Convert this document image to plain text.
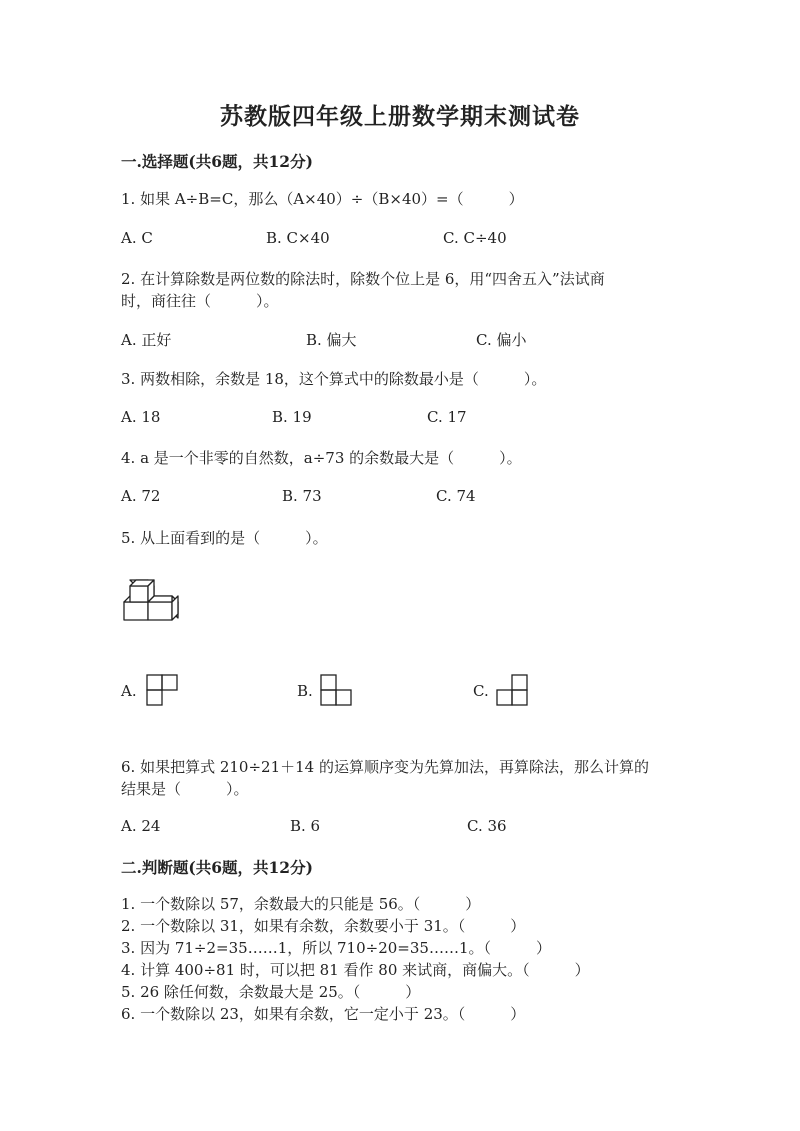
苏教版四年级上册数学期末测试卷
一.选择题(共6题，共12分)
1. 如果 A÷B=C，那么（A×40）÷（B×40）=（　　　）
A. C	B. C×40	C. C÷40
2. 在计算除数是两位数的除法时，除数个位上是 6，用“四舍五入”法试商
时，商往往（　　　）。
A. 正好	B. 偏大	C. 偏小
3. 两数相除，余数是 18，这个算式中的除数最小是（　　　）。
A. 18	B. 19	C. 17
4. a 是一个非零的自然数，a÷73 的余数最大是（　　　）。
A. 72	B. 73	C. 74
5. 从上面看到的是（　　　）。
A.	B.	C.
6. 如果把算式 210÷21＋14 的运算顺序变为先算加法，再算除法，那么计算的
结果是（　　　）。
A. 24	B. 6	C. 36
二.判断题(共6题，共12分)
1. 一个数除以 57，余数最大的只能是 56。（　　　）
2. 一个数除以 31，如果有余数，余数要小于 31。（　　　）
3. 因为 71÷2=35……1，所以 710÷20=35……1。（　　　）
4. 计算 400÷81 时，可以把 81 看作 80 来试商，商偏大。（　　　）
5. 26 除任何数，余数最大是 25。（　　　）
6. 一个数除以 23，如果有余数，它一定小于 23。（　　　）
